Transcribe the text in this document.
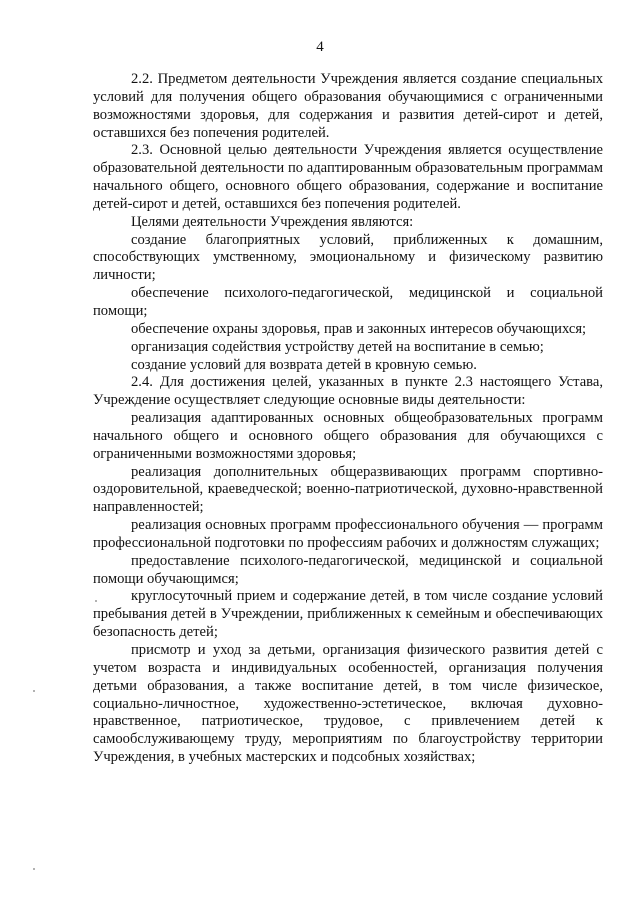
4

2.2. Предметом деятельности Учреждения является создание специальных условий для получения общего образования обучающимися с ограниченными возможностями здоровья, для содержания и развития детей-сирот и детей, оставшихся без попечения родителей.

2.3. Основной целью деятельности Учреждения является осуществление образовательной деятельности по адаптированным образовательным программам начального общего, основного общего образования, содержание и воспитание детей-сирот и детей, оставшихся без попечения родителей.

Целями деятельности Учреждения являются:

создание благоприятных условий, приближенных к домашним, способствующих умственному, эмоциональному и физическому развитию личности;

обеспечение психолого-педагогической, медицинской и социальной помощи;

обеспечение охраны здоровья, прав и законных интересов обучающихся;

организация содействия устройству детей на воспитание в семью;

создание условий для возврата детей в кровную семью.

2.4. Для достижения целей, указанных в пункте 2.3 настоящего Устава, Учреждение осуществляет следующие основные виды деятельности:

реализация адаптированных основных общеобразовательных программ начального общего и основного общего образования для обучающихся с ограниченными возможностями здоровья;

реализация дополнительных общеразвивающих программ спортивно-оздоровительной, краеведческой; военно-патриотической, духовно-нравственной направленностей;

реализация основных программ профессионального обучения — программ профессиональной подготовки по профессиям рабочих и должностям служащих;

предоставление психолого-педагогической, медицинской и социальной помощи обучающимся;

круглосуточный прием и содержание детей, в том числе создание условий пребывания детей в Учреждении, приближенных к семейным и обеспечивающих безопасность детей;

присмотр и уход за детьми, организация физического развития детей с учетом возраста и индивидуальных особенностей, организация получения детьми образования, а также воспитание детей, в том числе физическое, социально-личностное, художественно-эстетическое, включая духовно-нравственное, патриотическое, трудовое, с привлечением детей к самообслуживающему труду, мероприятиям по благоустройству территории Учреждения, в учебных мастерских и подсобных хозяйствах;
